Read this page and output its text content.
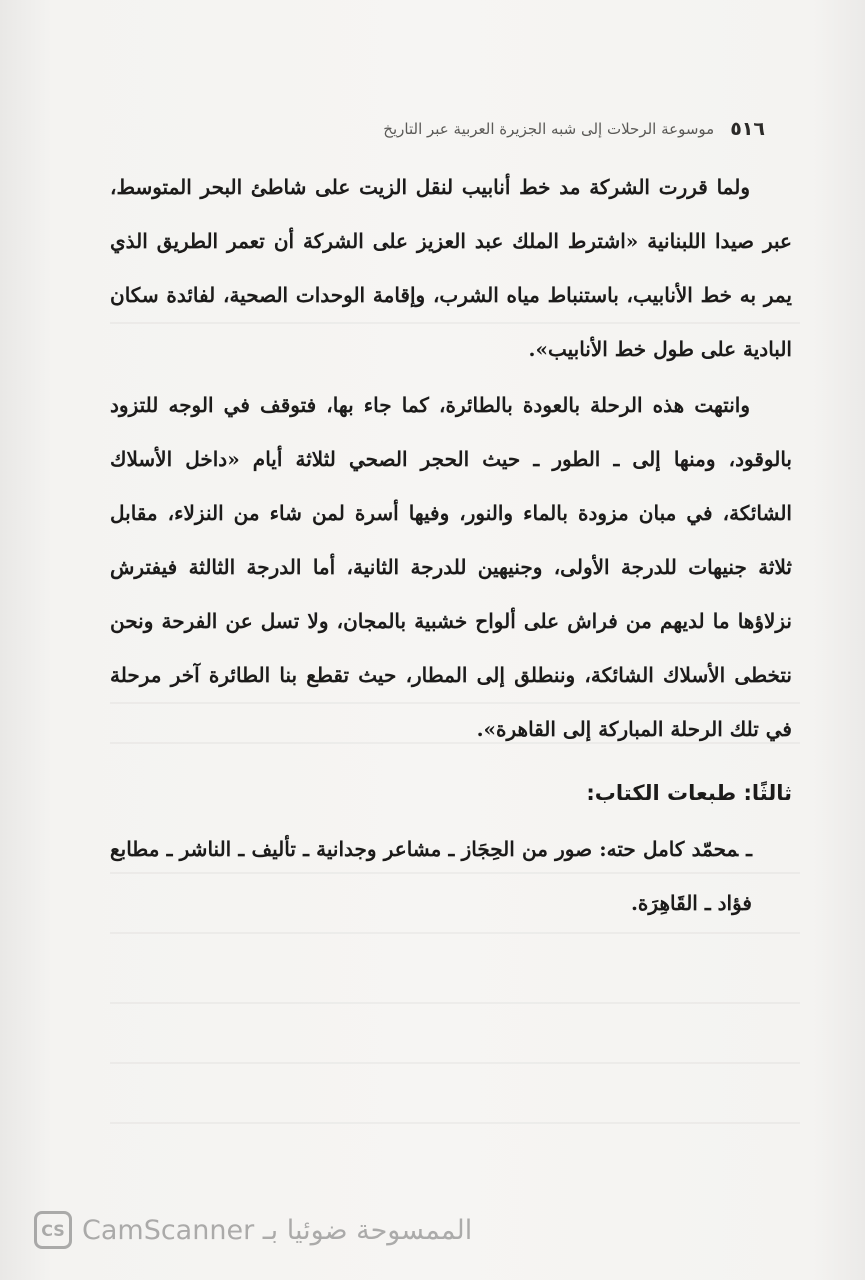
٥١٦
موسوعة الرحلات إلى شبه الجزيرة العربية عبر التاريخ

ولما قررت الشركة مد خط أنابيب لنقل الزيت على شاطئ البحر المتوسط، عبر صيدا اللبنانية «اشترط الملك عبد العزيز على الشركة أن تعمر الطريق الذي يمر به خط الأنابيب، باستنباط مياه الشرب، وإقامة الوحدات الصحية، لفائدة سكان البادية على طول خط الأنابيب».

وانتهت هذه الرحلة بالعودة بالطائرة، كما جاء بها، فتوقف في الوجه للتزود بالوقود، ومنها إلى ـ الطور ـ حيث الحجر الصحي لثلاثة أيام «داخل الأسلاك الشائكة، في مبان مزودة بالماء والنور، وفيها أسرة لمن شاء من النزلاء، مقابل ثلاثة جنيهات للدرجة الأولى، وجنيهين للدرجة الثانية، أما الدرجة الثالثة فيفترش نزلاؤها ما لديهم من فراش على ألواح خشبية بالمجان، ولا تسل عن الفرحة ونحن نتخطى الأسلاك الشائكة، وننطلق إلى المطار، حيث تقطع بنا الطائرة آخر مرحلة في تلك الرحلة المباركة إلى القاهرة».

ثالثًا: طبعات الكتاب:

ـمحمّد كامل حته: صور من الحِجَاز ـ مشاعر وجدانية ـ تأليف ـ الناشر ـ مطابع فؤاد ـ القَاهِرَة.

CS CamScanner الممسوحة ضوئيا بـ
